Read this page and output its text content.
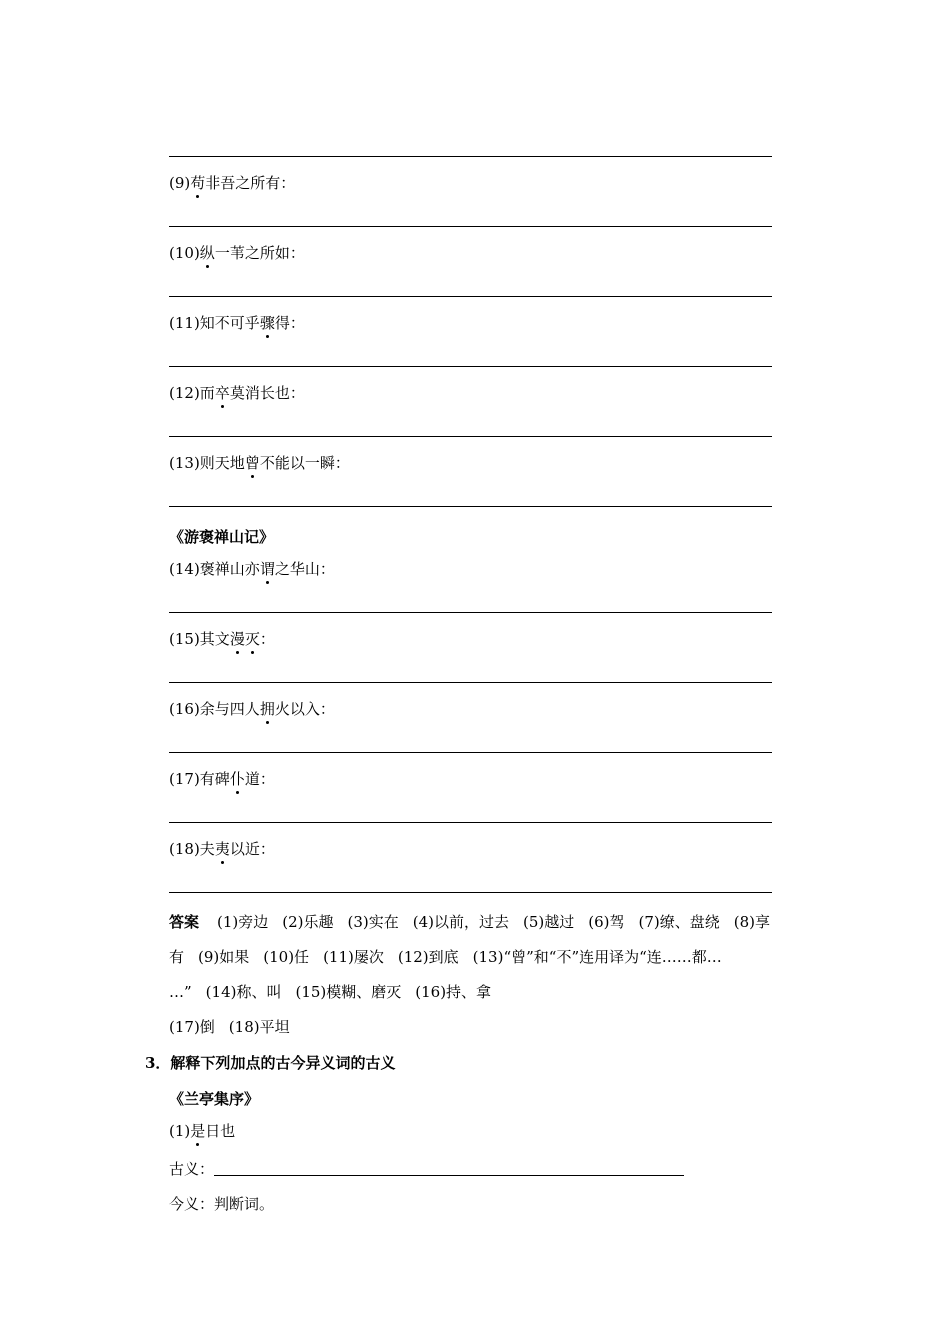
(9)苟非吾之所有：
(10)纵一苇之所如：
(11)知不可乎骤得：
(12)而卒莫消长也：
(13)则天地曾不能以一瞬：
《游褒禅山记》
(14)褒禅山亦谓之华山：
(15)其文漫灭：
(16)余与四人拥火以入：
(17)有碑仆道：
(18)夫夷以近：
答案 (1)旁边 (2)乐趣 (3)实在 (4)以前，过去 (5)越过 (6)驾 (7)缭、盘绕 (8)享
有 (9)如果 (10)任 (11)屡次 (12)到底 (13)“曾”和“不”连用译为“连……都…
…” (14)称、叫 (15)模糊、磨灭 (16)持、拿
(17)倒 (18)平坦
3．解释下列加点的古今异义词的古义
《兰亭集序》
(1)是日也
古义：
今义：判断词。
